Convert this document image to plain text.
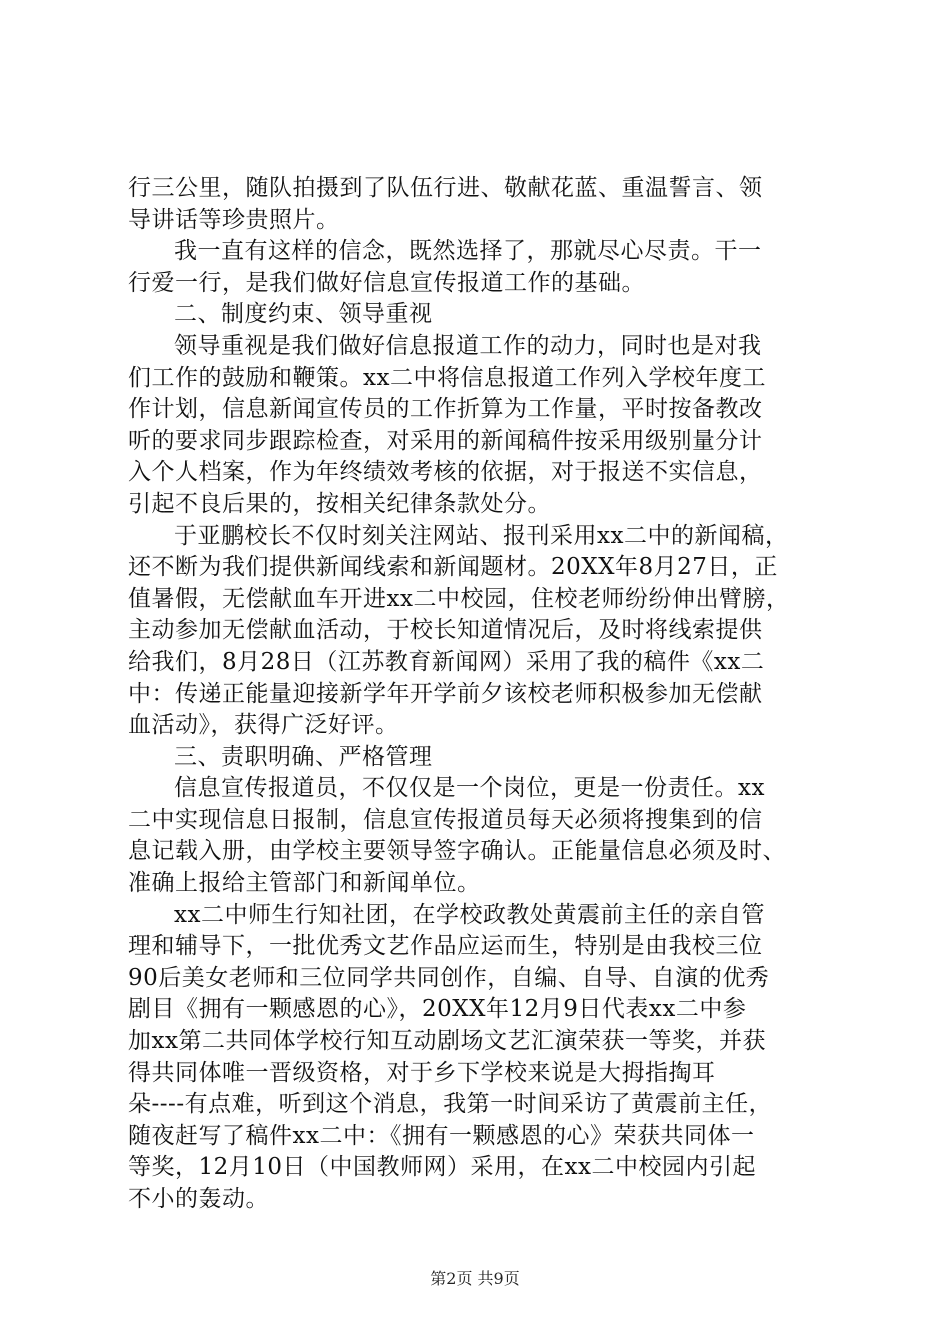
行三公里，随队拍摄到了队伍行进、敬献花蓝、重温誓言、领
导讲话等珍贵照片。

我一直有这样的信念，既然选择了，那就尽心尽责。干一
行爱一行，是我们做好信息宣传报道工作的基础。

二、制度约束、领导重视

领导重视是我们做好信息报道工作的动力，同时也是对我
们工作的鼓励和鞭策。xx二中将信息报道工作列入学校年度工
作计划，信息新闻宣传员的工作折算为工作量，平时按备教改
听的要求同步跟踪检查，对采用的新闻稿件按采用级别量分计
入个人档案，作为年终绩效考核的依据，对于报送不实信息，
引起不良后果的，按相关纪律条款处分。

于亚鹏校长不仅时刻关注网站、报刊采用xx二中的新闻稿，
还不断为我们提供新闻线索和新闻题材。20XX年8月27日，正
值暑假，无偿献血车开进xx二中校园，住校老师纷纷伸出臂膀，
主动参加无偿献血活动，于校长知道情况后，及时将线索提供
给我们，8月28日（江苏教育新闻网）采用了我的稿件《xx二
中：传递正能量迎接新学年开学前夕该校老师积极参加无偿献
血活动》，获得广泛好评。

三、责职明确、严格管理

信息宣传报道员，不仅仅是一个岗位，更是一份责任。xx
二中实现信息日报制，信息宣传报道员每天必须将搜集到的信
息记载入册，由学校主要领导签字确认。正能量信息必须及时、
准确上报给主管部门和新闻单位。

xx二中师生行知社团，在学校政教处黄震前主任的亲自管
理和辅导下，一批优秀文艺作品应运而生，特别是由我校三位
90后美女老师和三位同学共同创作，自编、自导、自演的优秀
剧目《拥有一颗感恩的心》，20XX年12月9日代表xx二中参
加xx第二共同体学校行知互动剧场文艺汇演荣获一等奖，并获
得共同体唯一晋级资格，对于乡下学校来说是大拇指掏耳
朵----有点难，听到这个消息，我第一时间采访了黄震前主任，
随夜赶写了稿件xx二中：《拥有一颗感恩的心》荣获共同体一
等奖，12月10日（中国教师网）采用，在xx二中校园内引起
不小的轰动。

第2页 共9页
